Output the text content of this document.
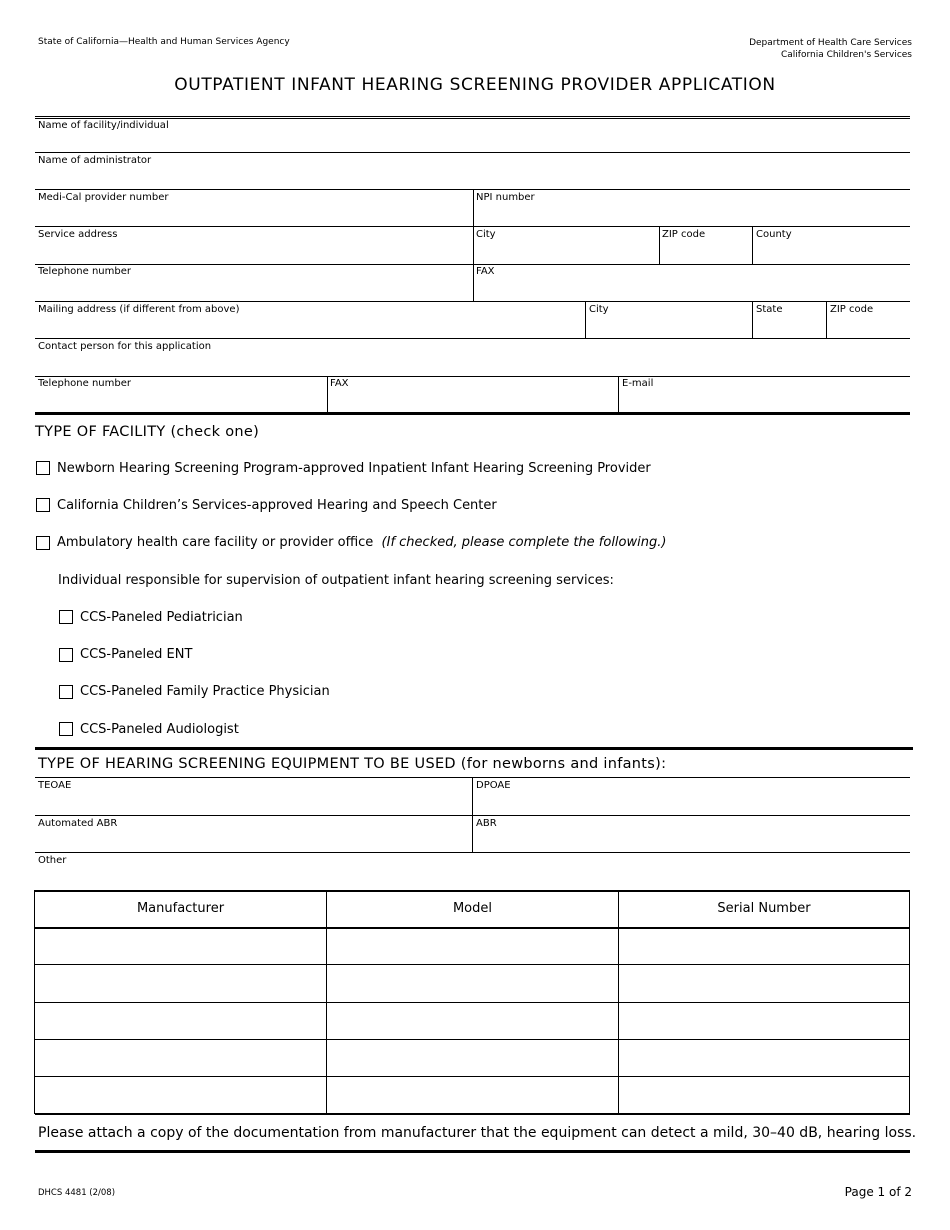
State of California—Health and Human Services Agency	Department of Health Care Services
California Children's Services
OUTPATIENT INFANT HEARING SCREENING PROVIDER APPLICATION
Name of facility/individual
Name of administrator
Medi-Cal provider number	NPI number
Service address	City	ZIP code	County
Telephone number	FAX
Mailing address (if different from above)	City	State	ZIP code
Contact person for this application
Telephone number	FAX	E-mail
TYPE OF FACILITY (check one)
Newborn Hearing Screening Program-approved Inpatient Infant Hearing Screening Provider
California Children’s Services-approved Hearing and Speech Center
Ambulatory health care facility or provider office (If checked, please complete the following.)
Individual responsible for supervision of outpatient infant hearing screening services:
CCS-Paneled Pediatrician
CCS-Paneled ENT
CCS-Paneled Family Practice Physician
CCS-Paneled Audiologist
TYPE OF HEARING SCREENING EQUIPMENT TO BE USED (for newborns and infants):
TEOAE	DPOAE
Automated ABR	ABR
Other
Manufacturer	Model	Serial Number
Please attach a copy of the documentation from manufacturer that the equipment can detect a mild, 30–40 dB, hearing loss.
DHCS 4481 (2/08)	Page 1 of 2
